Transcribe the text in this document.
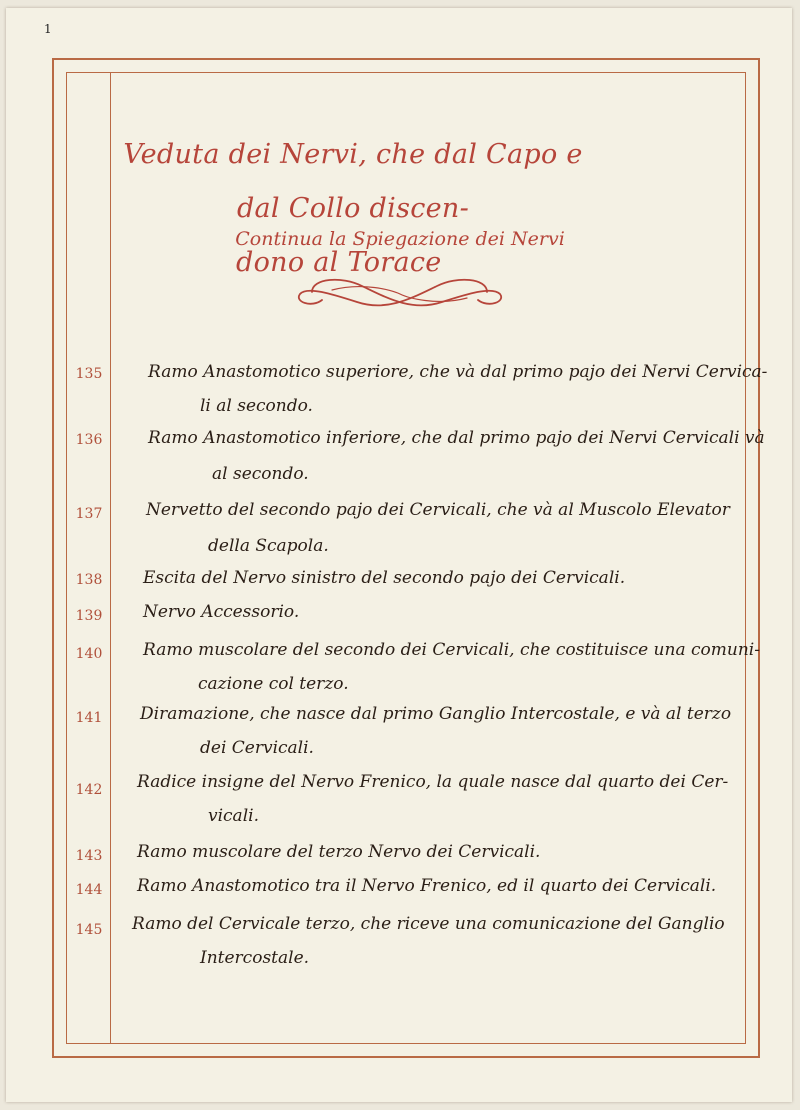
1
Veduta dei Nervi, che dal Capo e dal Collo discen-
dono al Torace
Continua la Spiegazione dei Nervi
135	Ramo Anastomotico superiore, che và dal primo pajo dei Nervi Cervica-
li al secondo.
136	Ramo Anastomotico inferiore, che dal primo pajo dei Nervi Cervicali và
al secondo.
137	Nervetto del secondo pajo dei Cervicali, che và al Muscolo Elevator
della Scapola.
138	Escita del Nervo sinistro del secondo pajo dei Cervicali.
139	Nervo Accessorio.
140	Ramo muscolare del secondo dei Cervicali, che costituisce una comuni-
cazione col terzo.
141	Diramazione, che nasce dal primo Ganglio Intercostale, e và al terzo
dei Cervicali.
142	Radice insigne del Nervo Frenico, la quale nasce dal quarto dei Cer-
vicali.
143	Ramo muscolare del terzo Nervo dei Cervicali.
144	Ramo Anastomotico tra il Nervo Frenico, ed il quarto dei Cervicali.
145	Ramo del Cervicale terzo, che riceve una comunicazione del Ganglio
Intercostale.
